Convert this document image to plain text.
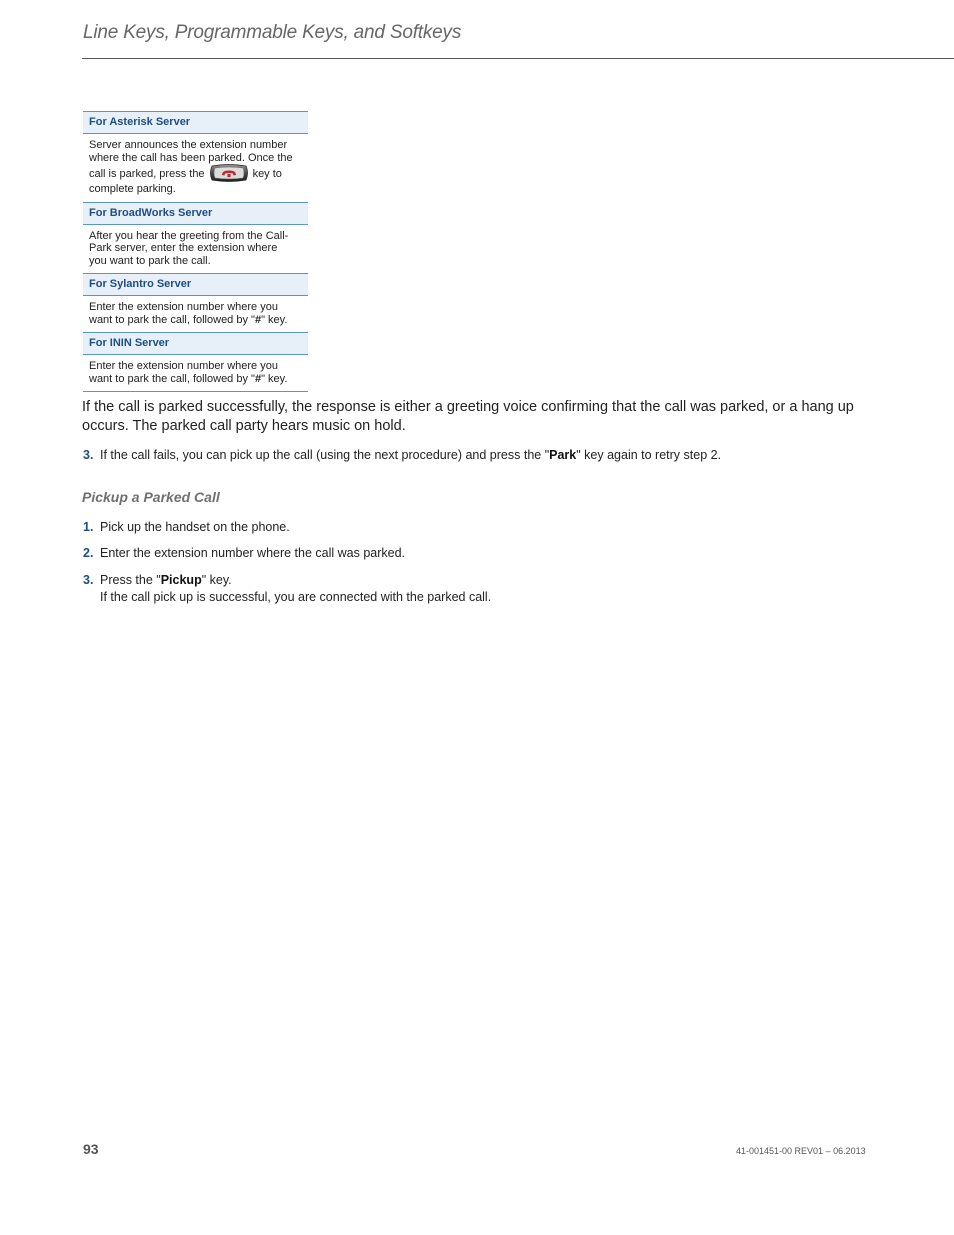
Line Keys, Programmable Keys, and Softkeys
For Asterisk Server
Server announces the extension number
where the call has been parked. Once the
call is parked, press the	key to
complete parking.
For BroadWorks Server
After you hear the greeting from the Call-
Park server, enter the extension where
you want to park the call.
For Sylantro Server
Enter the extension number where you
want to park the call, followed by "#" key.
For ININ Server
Enter the extension number where you
want to park the call, followed by "#" key.
If the call is parked successfully, the response is either a greeting voice confirming that the call was parked, or a hang up occurs. The parked call party hears music on hold.
3. If the call fails, you can pick up the call (using the next procedure) and press the "Park" key again to retry step 2.
Pickup a Parked Call
1. Pick up the handset on the phone.
2. Enter the extension number where the call was parked.
3. Press the "Pickup" key.
If the call pick up is successful, you are connected with the parked call.
93	41-001451-00 REV01 – 06.2013
